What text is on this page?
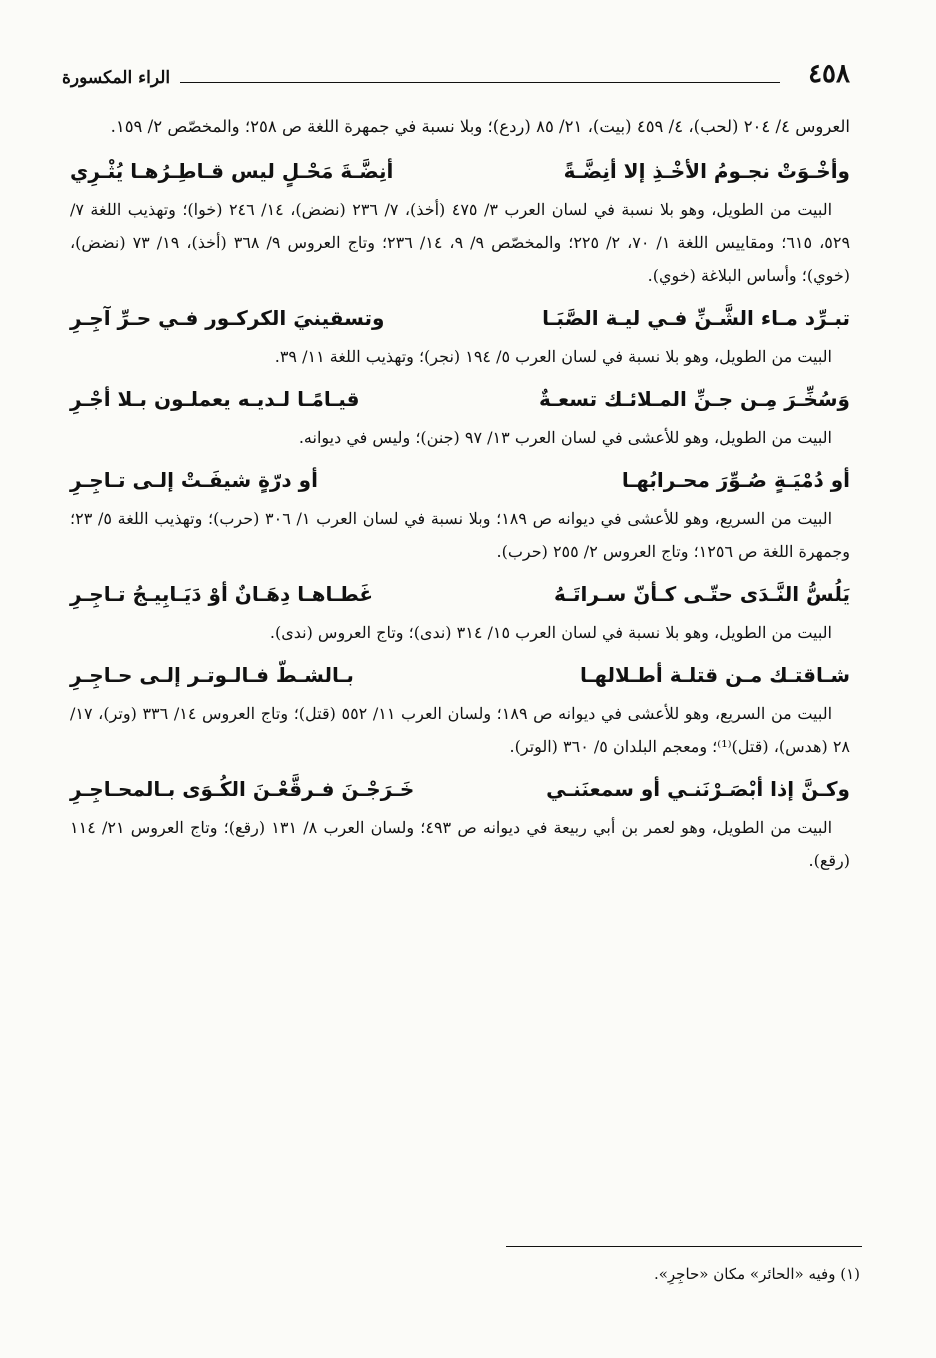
٤٥٨
الراء المكسورة

العروس ٤/ ٢٠٤ (لحب)، ٤/ ٤٥٩ (بيت)، ٢١/ ٨٥ (ردع)؛ وبلا نسبة في جمهرة اللغة ص ٢٥٨؛ والمخصّص ٢/ ١٥٩.

وأخْـوَتْ نجـومُ الأخْـذِ إلا أنِضَّـةً
أنِضَّـةَ مَحْـلٍ ليس قـاطِـرُهـا يُثْـرِي

البيت من الطويل، وهو بلا نسبة في لسان العرب ٣/ ٤٧٥ (أخذ)، ٧/ ٢٣٦ (نضض)، ١٤/ ٢٤٦ (خوا)؛ وتهذيب اللغة ٧/ ٥٢٩، ٦١٥؛ ومقاييس اللغة ١/ ٧٠، ٢/ ٢٢٥؛ والمخصّص ٩/ ٩، ١٤/ ٢٣٦؛ وتاج العروس ٩/ ٣٦٨ (أخذ)، ١٩/ ٧٣ (نضض)، (خوي)؛ وأساس البلاغة (خوي).

تبـرِّد مـاء الشَّـنِّ فـي ليـة الصَّبَـا
وتسقينيَ الكركـور فـي حـرِّ آجِـرِ

البيت من الطويل، وهو بلا نسبة في لسان العرب ٥/ ١٩٤ (نجر)؛ وتهذيب اللغة ١١/ ٣٩.

وَسُخِّـرَ مِـن جـنِّ المـلائـك تسعـةٌ
قيـامًـا لـديـه يعملـون بـلا أجْـرِ

البيت من الطويل، وهو للأعشى في لسان العرب ١٣/ ٩٧ (جنن)؛ وليس في ديوانه.

أو دُمْيَـةٍ صُـوِّرَ محـرابُهـا
أو درّةٍ شيفَـتْ إلـى تـاجِـرِ

البيت من السريع، وهو للأعشى في ديوانه ص ١٨٩؛ وبلا نسبة في لسان العرب ١/ ٣٠٦ (حرب)؛ وتهذيب اللغة ٥/ ٢٣؛ وجمهرة اللغة ص ١٢٥٦؛ وتاج العروس ٢/ ٢٥٥ (حرب).

يَلُسُّ النَّـدَى حتّـى كـأنّ سـراتَـهُ
غَطـاهـا دِهَـانٌ أوْ دَيَـابِيـجُ تـاجِـرِ

البيت من الطويل، وهو بلا نسبة في لسان العرب ١٥/ ٣١٤ (ندى)؛ وتاج العروس (ندى).

شـاقتـك مـن قتلـة أطـلالهـا
بـالشـطّ فـالـوتـر إلـى حـاجِـرِ

البيت من السريع، وهو للأعشى في ديوانه ص ١٨٩؛ ولسان العرب ١١/ ٥٥٢ (قتل)؛ وتاج العروس ١٤/ ٣٣٦ (وتر)، ١٧/ ٢٨ (هدس)، (قتل)⁽¹⁾؛ ومعجم البلدان ٥/ ٣٦٠ (الوتر).

وكـنَّ إذا أبْصَـرْنَنـي أو سمعنَنـي
خَـرَجْـنَ فـرقَّعْـنَ الكُـوَى بـالمحـاجِـرِ

البيت من الطويل، وهو لعمر بن أبي ربيعة في ديوانه ص ٤٩٣؛ ولسان العرب ٨/ ١٣١ (رقع)؛ وتاج العروس ٢١/ ١١٤ (رقع).

(١) وفيه «الحائر» مكان «حاجِرِ».
